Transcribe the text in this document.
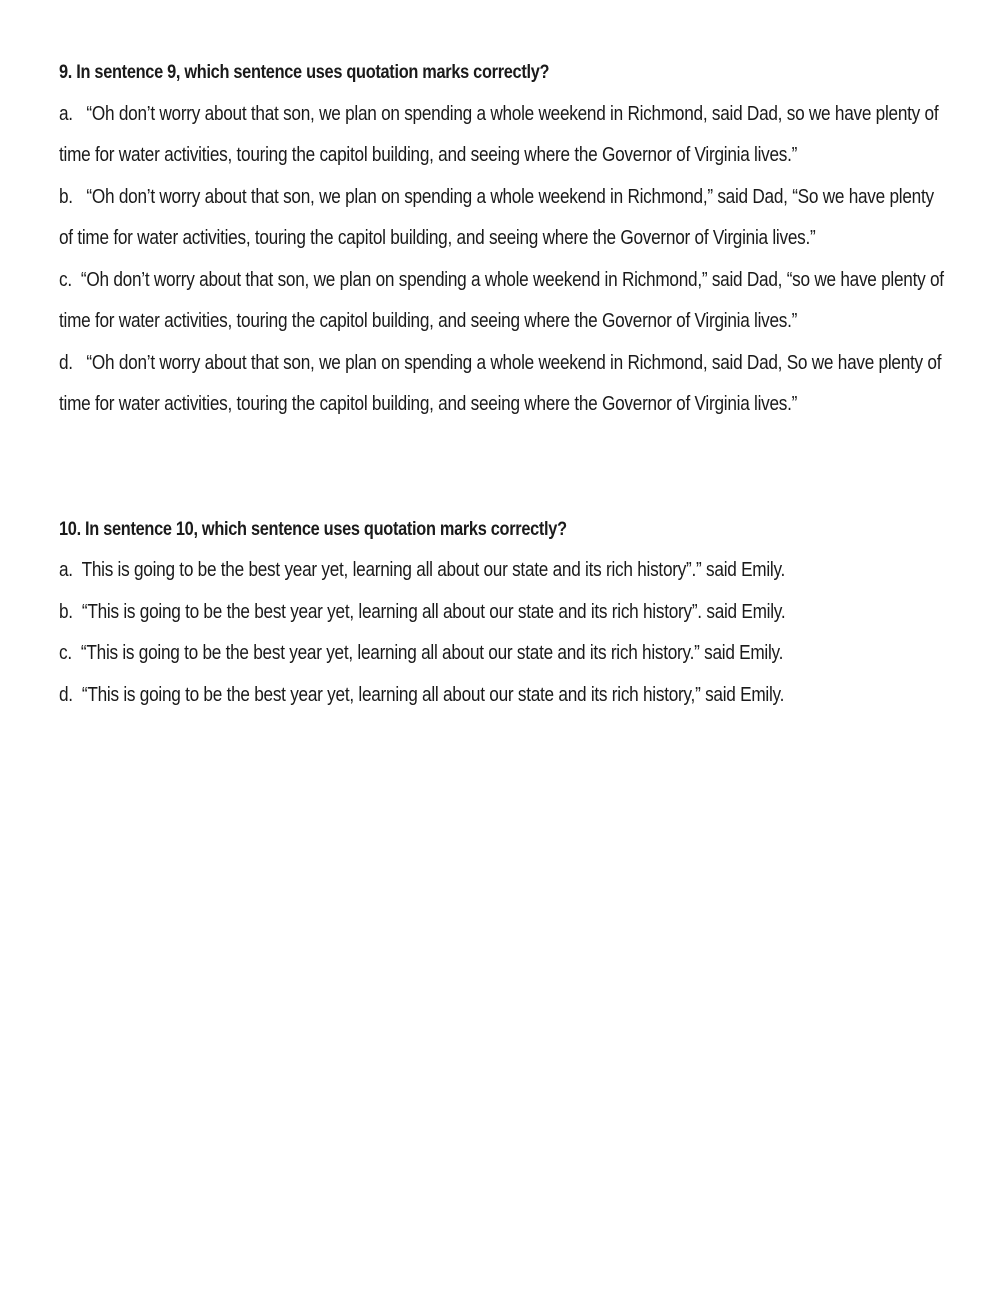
9. In sentence 9, which sentence uses quotation marks correctly?

a. “Oh don’t worry about that son, we plan on spending a whole weekend in Richmond, said Dad, so we have plenty of time for water activities, touring the capitol building, and seeing where the Governor of Virginia lives.”
b. “Oh don’t worry about that son, we plan on spending a whole weekend in Richmond,” said Dad, “So we have plenty of time for water activities, touring the capitol building, and seeing where the Governor of Virginia lives.”
c. “Oh don’t worry about that son, we plan on spending a whole weekend in Richmond,” said Dad, “so we have plenty of time for water activities, touring the capitol building, and seeing where the Governor of Virginia lives.”
d. “Oh don’t worry about that son, we plan on spending a whole weekend in Richmond, said Dad, So we have plenty of time for water activities, touring the capitol building, and seeing where the Governor of Virginia lives.”

10. In sentence 10, which sentence uses quotation marks correctly?

a. This is going to be the best year yet, learning all about our state and its rich history”.” said Emily.
b. “This is going to be the best year yet, learning all about our state and its rich history”. said Emily.
c. “This is going to be the best year yet, learning all about our state and its rich history.” said Emily.
d. “This is going to be the best year yet, learning all about our state and its rich history,” said Emily.
